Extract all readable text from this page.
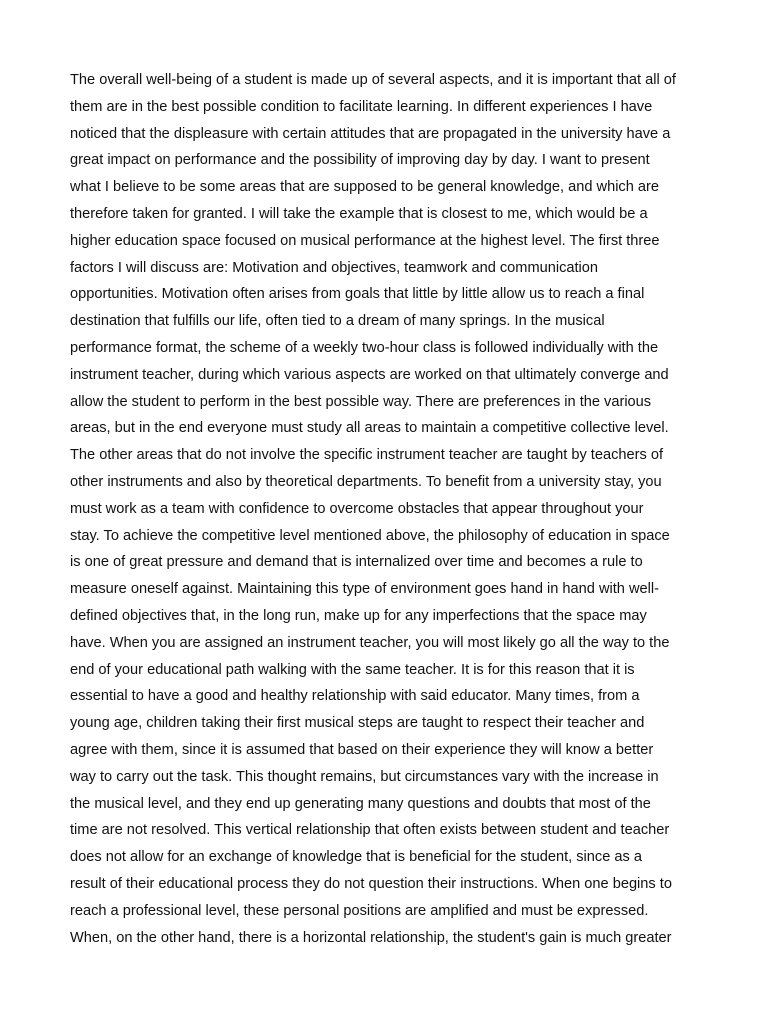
The overall well-being of a student is made up of several aspects, and it is important that all of
them are in the best possible condition to facilitate learning. In different experiences I have
noticed that the displeasure with certain attitudes that are propagated in the university have a
great impact on performance and the possibility of improving day by day. I want to present
what I believe to be some areas that are supposed to be general knowledge, and which are
therefore taken for granted. I will take the example that is closest to me, which would be a
higher education space focused on musical performance at the highest level. The first three
factors I will discuss are: Motivation and objectives, teamwork and communication
opportunities. Motivation often arises from goals that little by little allow us to reach a final
destination that fulfills our life, often tied to a dream of many springs. In the musical
performance format, the scheme of a weekly two-hour class is followed individually with the
instrument teacher, during which various aspects are worked on that ultimately converge and
allow the student to perform in the best possible way. There are preferences in the various
areas, but in the end everyone must study all areas to maintain a competitive collective level.
The other areas that do not involve the specific instrument teacher are taught by teachers of
other instruments and also by theoretical departments. To benefit from a university stay, you
must work as a team with confidence to overcome obstacles that appear throughout your
stay. To achieve the competitive level mentioned above, the philosophy of education in space
is one of great pressure and demand that is internalized over time and becomes a rule to
measure oneself against. Maintaining this type of environment goes hand in hand with well-
defined objectives that, in the long run, make up for any imperfections that the space may
have. When you are assigned an instrument teacher, you will most likely go all the way to the
end of your educational path walking with the same teacher. It is for this reason that it is
essential to have a good and healthy relationship with said educator. Many times, from a
young age, children taking their first musical steps are taught to respect their teacher and
agree with them, since it is assumed that based on their experience they will know a better
way to carry out the task. This thought remains, but circumstances vary with the increase in
the musical level, and they end up generating many questions and doubts that most of the
time are not resolved. This vertical relationship that often exists between student and teacher
does not allow for an exchange of knowledge that is beneficial for the student, since as a
result of their educational process they do not question their instructions. When one begins to
reach a professional level, these personal positions are amplified and must be expressed.
When, on the other hand, there is a horizontal relationship, the student's gain is much greater
